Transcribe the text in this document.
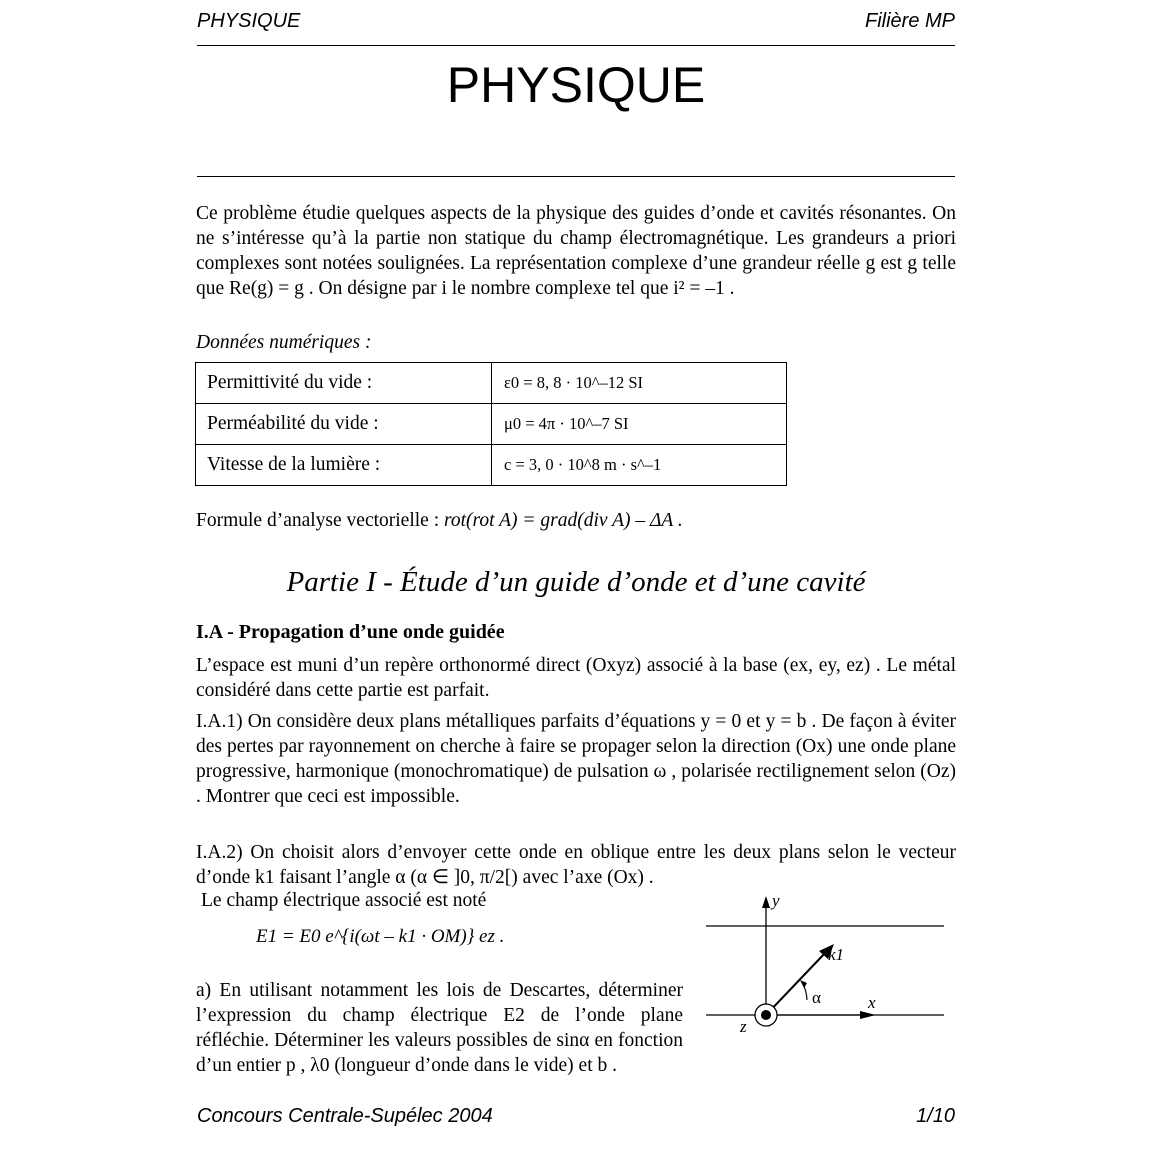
PHYSIQUE	Filière MP
PHYSIQUE
Ce problème étudie quelques aspects de la physique des guides d’onde et cavités résonantes. On ne s’intéresse qu’à la partie non statique du champ électromagnétique. Les grandeurs a priori complexes sont notées soulignées. La représentation complexe d’une grandeur réelle g est g telle que Re(g) = g . On désigne par i le nombre complexe tel que i² = –1 .
Données numériques :
Permittivité du vide :	ε0 = 8, 8 · 10^–12 SI
Perméabilité du vide :	μ0 = 4π · 10^–7 SI
Vitesse de la lumière :	c = 3, 0 · 10^8 m · s^–1
Formule d’analyse vectorielle : rot(rot A) = grad(div A) – ΔA .
Partie I - Étude d’un guide d’onde et d’une cavité
I.A - Propagation d’une onde guidée
L’espace est muni d’un repère orthonormé direct (Oxyz) associé à la base (ex, ey, ez) . Le métal considéré dans cette partie est parfait.
I.A.1) On considère deux plans métalliques parfaits d’équations y = 0 et y = b . De façon à éviter des pertes par rayonnement on cherche à faire se propager selon la direction (Ox) une onde plane progressive, harmonique (monochromatique) de pulsation ω , polarisée rectilignement selon (Oz) . Montrer que ceci est impossible.
I.A.2) On choisit alors d’envoyer cette onde en oblique entre les deux plans selon le vecteur d’onde k1 faisant l’angle α (α ∈ ]0, π/2[) avec l’axe (Ox) .
Le champ électrique associé est noté
E1 = E0 e^{i(ωt – k1 · OM)} ez .
a) En utilisant notamment les lois de Descartes, déterminer l’expression du champ électrique E2 de l’onde plane réfléchie. Déterminer les valeurs possibles de sinα en fonction d’un entier p , λ0 (longueur d’onde dans le vide) et b .
y
x
z
k1
α
Concours Centrale-Supélec 2004	1/10
